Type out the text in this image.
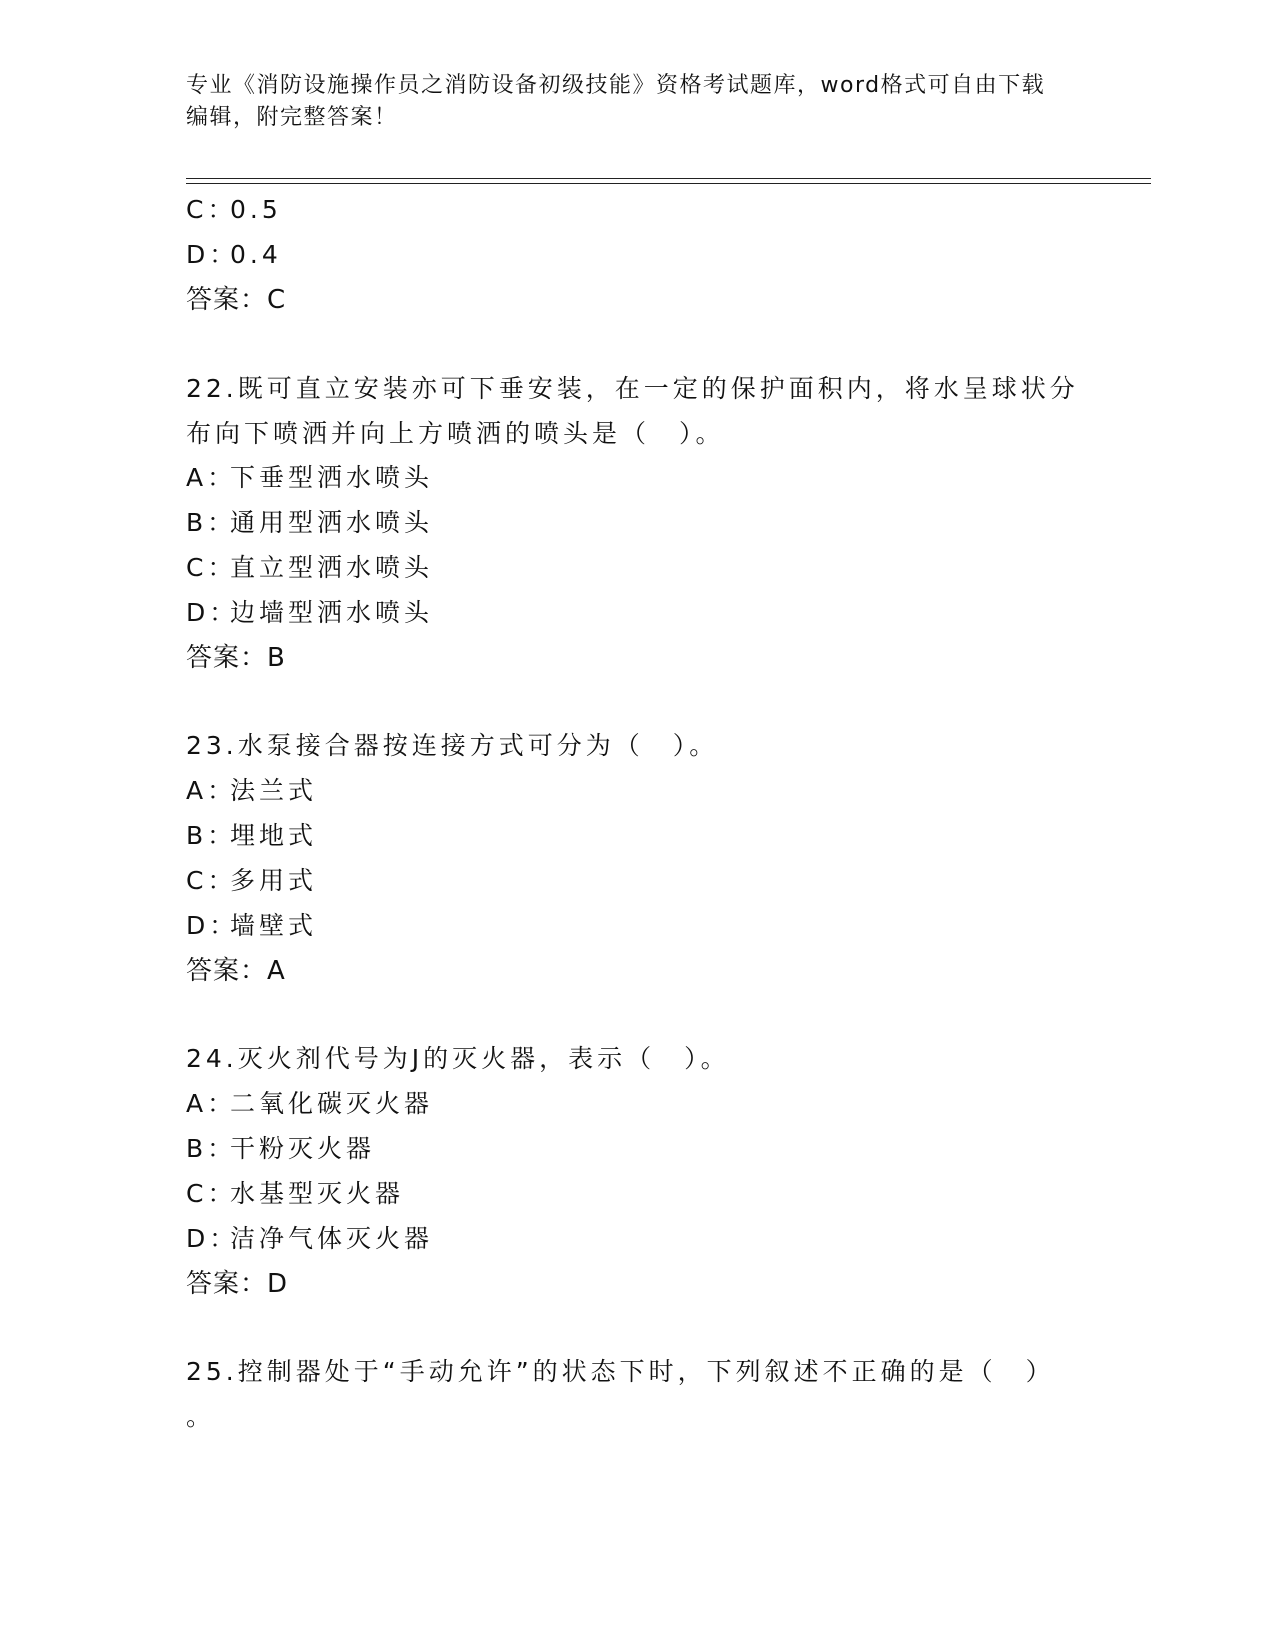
专业《消防设施操作员之消防设备初级技能》资格考试题库，word格式可自由下载编辑，附完整答案！
C：0.5
D：0.4
答案：C
22.既可直立安装亦可下垂安装，在一定的保护面积内，将水呈球状分
布向下喷洒并向上方喷洒的喷头是（　）。
A：下垂型洒水喷头
B：通用型洒水喷头
C：直立型洒水喷头
D：边墙型洒水喷头
答案：B
23.水泵接合器按连接方式可分为（　）。
A：法兰式
B：埋地式
C：多用式
D：墙壁式
答案：A
24.灭火剂代号为J的灭火器，表示（　）。
A：二氧化碳灭火器
B：干粉灭火器
C：水基型灭火器
D：洁净气体灭火器
答案：D
25.控制器处于“手动允许”的状态下时，下列叙述不正确的是（　）
。
